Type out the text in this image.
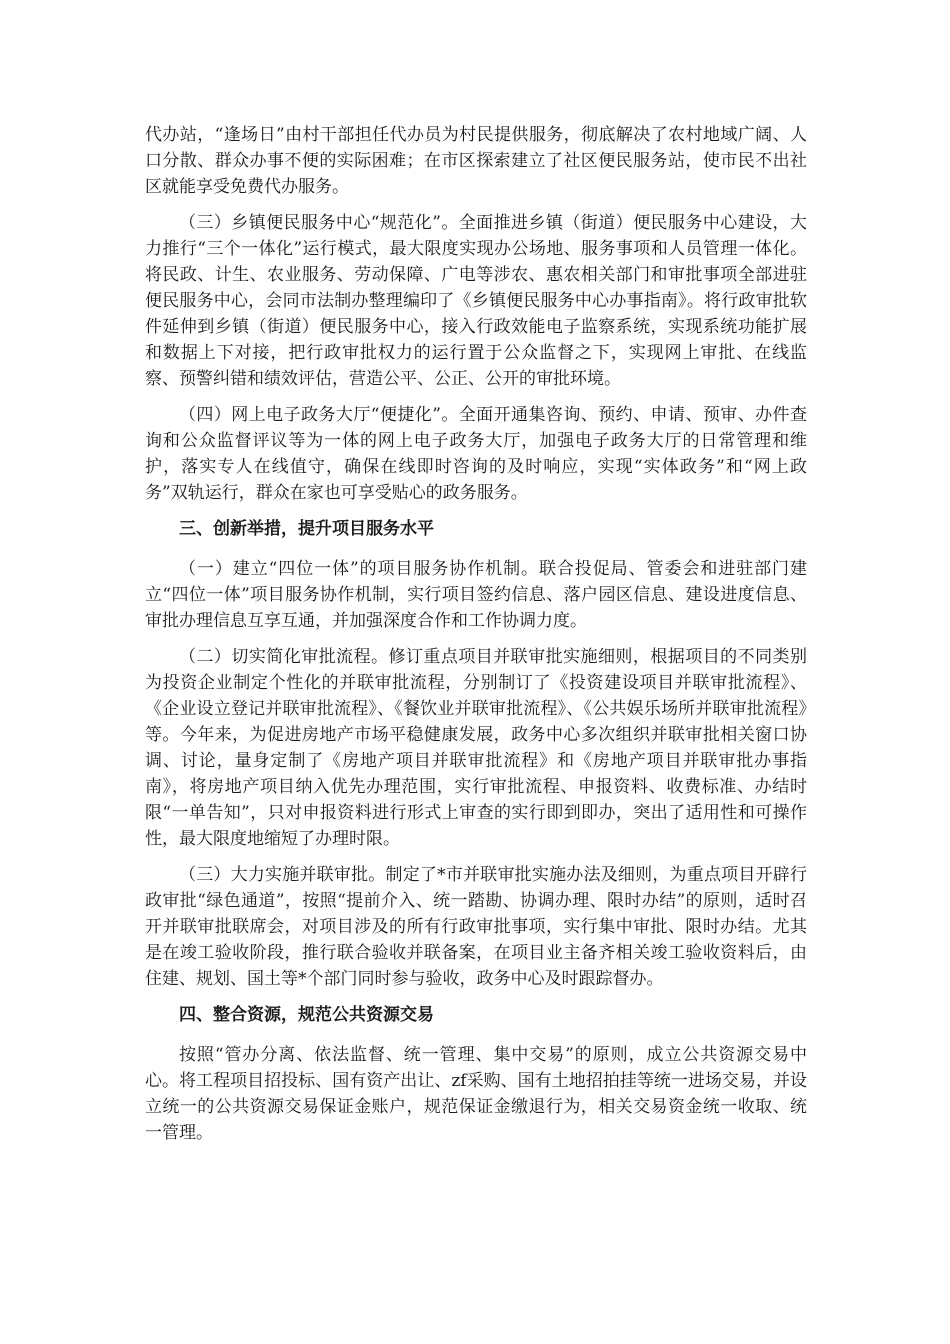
代办站，“逢场日”由村干部担任代办员为村民提供服务，彻底解决了农村地域广阔、人口分散、群众办事不便的实际困难；在市区探索建立了社区便民服务站，使市民不出社区就能享受免费代办服务。

（三）乡镇便民服务中心“规范化”。全面推进乡镇（街道）便民服务中心建设，大力推行“三个一体化”运行模式，最大限度实现办公场地、服务事项和人员管理一体化。将民政、计生、农业服务、劳动保障、广电等涉农、惠农相关部门和审批事项全部进驻便民服务中心，会同市法制办整理编印了《乡镇便民服务中心办事指南》。将行政审批软件延伸到乡镇（街道）便民服务中心，接入行政效能电子监察系统，实现系统功能扩展和数据上下对接，把行政审批权力的运行置于公众监督之下，实现网上审批、在线监察、预警纠错和绩效评估，营造公平、公正、公开的审批环境。

（四）网上电子政务大厅“便捷化”。全面开通集咨询、预约、申请、预审、办件查询和公众监督评议等为一体的网上电子政务大厅，加强电子政务大厅的日常管理和维护，落实专人在线值守，确保在线即时咨询的及时响应，实现“实体政务”和“网上政务”双轨运行，群众在家也可享受贴心的政务服务。

三、创新举措，提升项目服务水平

（一）建立“四位一体”的项目服务协作机制。联合投促局、管委会和进驻部门建立“四位一体”项目服务协作机制，实行项目签约信息、落户园区信息、建设进度信息、审批办理信息互享互通，并加强深度合作和工作协调力度。

（二）切实简化审批流程。修订重点项目并联审批实施细则，根据项目的不同类别为投资企业制定个性化的并联审批流程，分别制订了《投资建设项目并联审批流程》、《企业设立登记并联审批流程》、《餐饮业并联审批流程》、《公共娱乐场所并联审批流程》等。今年来，为促进房地产市场平稳健康发展，政务中心多次组织并联审批相关窗口协调、讨论，量身定制了《房地产项目并联审批流程》和《房地产项目并联审批办事指南》，将房地产项目纳入优先办理范围，实行审批流程、申报资料、收费标准、办结时限“一单告知”，只对申报资料进行形式上审查的实行即到即办，突出了适用性和可操作性，最大限度地缩短了办理时限。

（三）大力实施并联审批。制定了*市并联审批实施办法及细则，为重点项目开辟行政审批“绿色通道”，按照“提前介入、统一踏勘、协调办理、限时办结”的原则，适时召开并联审批联席会，对项目涉及的所有行政审批事项，实行集中审批、限时办结。尤其是在竣工验收阶段，推行联合验收并联备案，在项目业主备齐相关竣工验收资料后，由住建、规划、国土等*个部门同时参与验收，政务中心及时跟踪督办。

四、整合资源，规范公共资源交易

按照“管办分离、依法监督、统一管理、集中交易”的原则，成立公共资源交易中心。将工程项目招投标、国有资产出让、zf采购、国有土地招拍挂等统一进场交易，并设立统一的公共资源交易保证金账户，规范保证金缴退行为，相关交易资金统一收取、统一管理。
